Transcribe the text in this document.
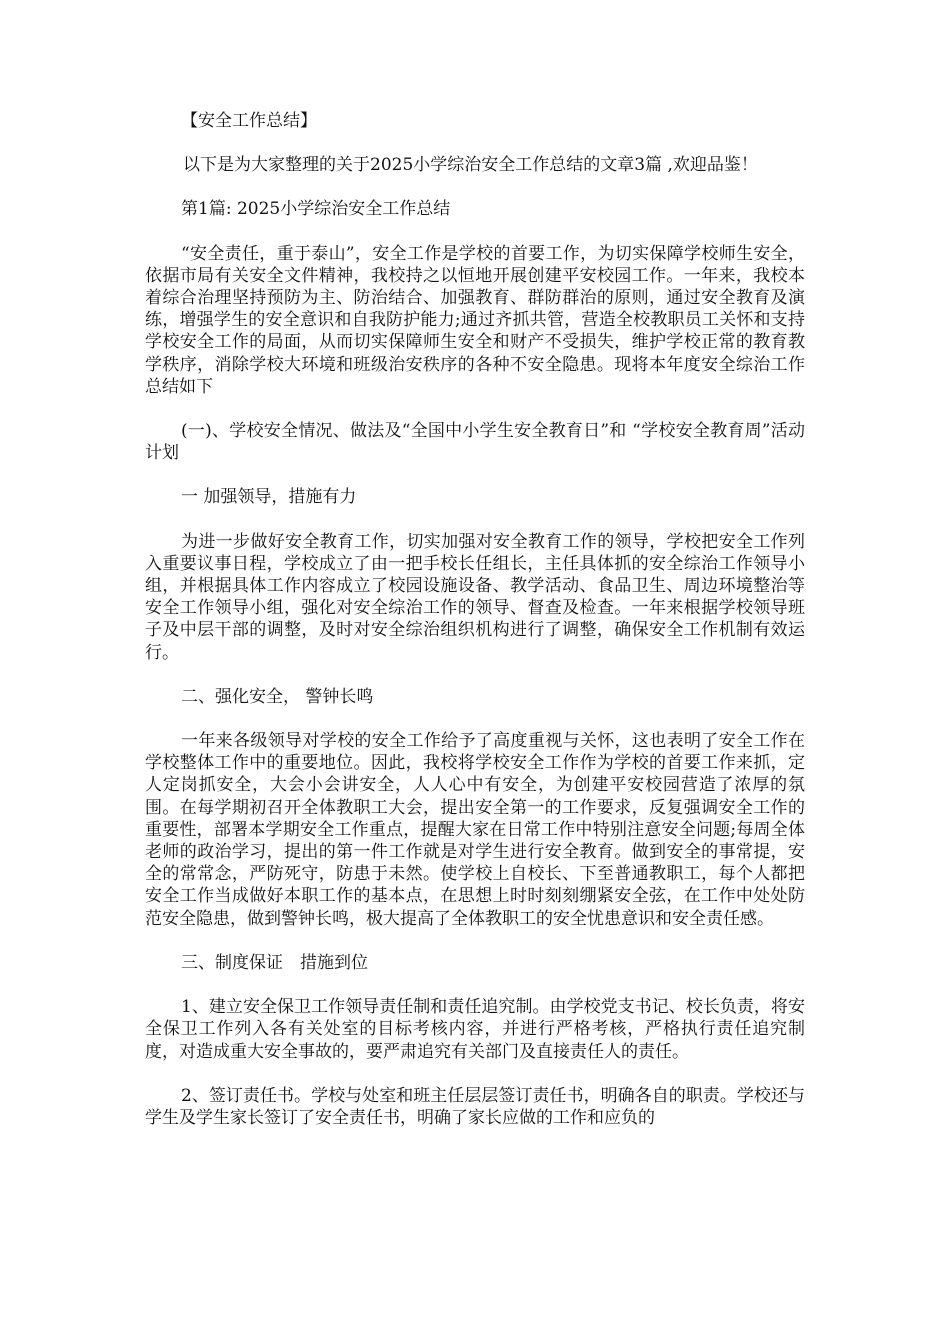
【安全工作总结】

以下是为大家整理的关于2025小学综治安全工作总结的文章3篇 ,欢迎品鉴！

第1篇: 2025小学综治安全工作总结

“安全责任，重于泰山”，安全工作是学校的首要工作，为切实保障学校师生安全，依据市局有关安全文件精神，我校持之以恒地开展创建平安校园工作。一年来，我校本着综合治理坚持预防为主、防治结合、加强教育、群防群治的原则，通过安全教育及演练，增强学生的安全意识和自我防护能力;通过齐抓共管，营造全校教职员工关怀和支持学校安全工作的局面，从而切实保障师生安全和财产不受损失，维护学校正常的教育教学秩序，消除学校大环境和班级治安秩序的各种不安全隐患。现将本年度安全综治工作总结如下

(一)、学校安全情况、做法及“全国中小学生安全教育日”和 “学校安全教育周”活动计划

一 加强领导，措施有力

为进一步做好安全教育工作，切实加强对安全教育工作的领导，学校把安全工作列入重要议事日程，学校成立了由一把手校长任组长，主任具体抓的安全综治工作领导小组，并根据具体工作内容成立了校园设施设备、教学活动、食品卫生、周边环境整治等安全工作领导小组，强化对安全综治工作的领导、督查及检查。一年来根据学校领导班子及中层干部的调整，及时对安全综治组织机构进行了调整，确保安全工作机制有效运行。

二、强化安全， 警钟长鸣

一年来各级领导对学校的安全工作给予了高度重视与关怀，这也表明了安全工作在学校整体工作中的重要地位。因此，我校将学校安全工作作为学校的首要工作来抓，定人定岗抓安全，大会小会讲安全，人人心中有安全，为创建平安校园营造了浓厚的氛围。在每学期初召开全体教职工大会，提出安全第一的工作要求，反复强调安全工作的重要性，部署本学期安全工作重点，提醒大家在日常工作中特别注意安全问题;每周全体老师的政治学习，提出的第一件工作就是对学生进行安全教育。做到安全的事常提，安全的常常念，严防死守，防患于未然。使学校上自校长、下至普通教职工，每个人都把安全工作当成做好本职工作的基本点，在思想上时时刻刻绷紧安全弦，在工作中处处防范安全隐患，做到警钟长鸣，极大提高了全体教职工的安全忧患意识和安全责任感。

三、制度保证　措施到位

1、建立安全保卫工作领导责任制和责任追究制。由学校党支书记、校长负责，将安全保卫工作列入各有关处室的目标考核内容，并进行严格考核，严格执行责任追究制度，对造成重大安全事故的，要严肃追究有关部门及直接责任人的责任。

2、签订责任书。学校与处室和班主任层层签订责任书，明确各自的职责。学校还与学生及学生家长签订了安全责任书，明确了家长应做的工作和应负的
